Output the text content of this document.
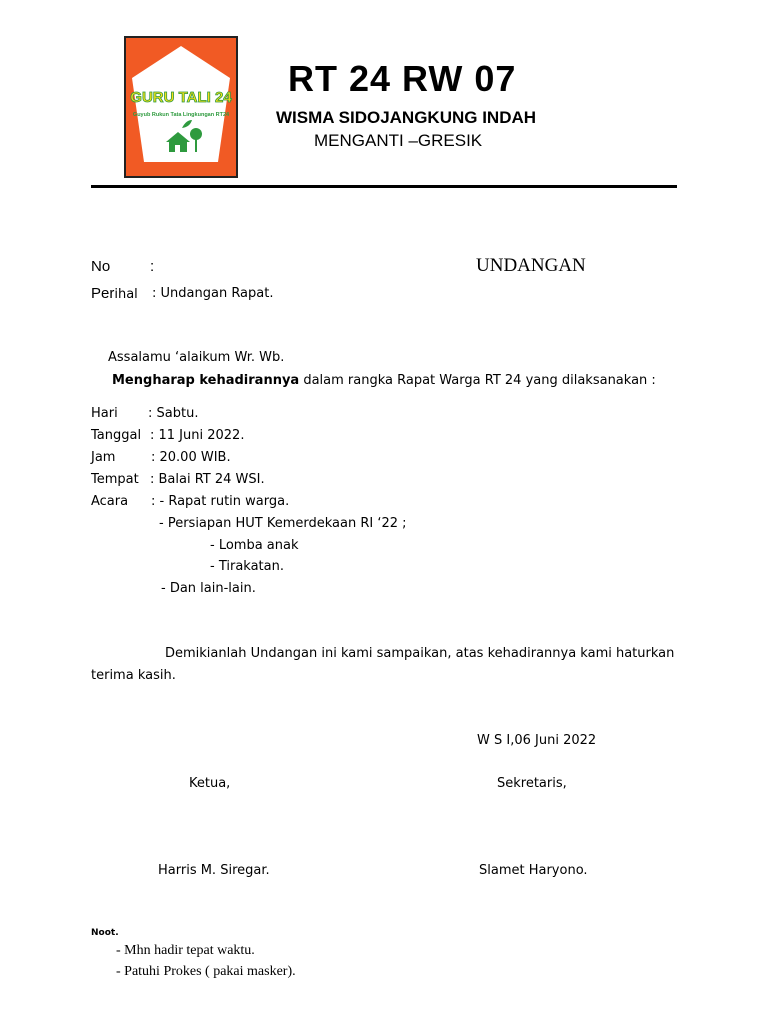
GURU TALI 24
Guyub Rukun Tata Lingkungan RT24
RT 24 RW 07
WISMA SIDOJANGKUNG INDAH
MENGANTI –GRESIK
No	:	UNDANGAN
Perihal : Undangan Rapat.
Assalamu ‘alaikum Wr. Wb.
Mengharap kehadirannya dalam rangka Rapat Warga RT 24 yang dilaksanakan :
Hari : Sabtu.
Tanggal : 11 Juni 2022.
Jam	: 20.00 WIB.
Tempat : Balai RT 24 WSI.
Acara : - Rapat rutin warga.
- Persiapan HUT Kemerdekaan RI ‘22 ;
- Lomba anak
- Tirakatan.
- Dan lain-lain.
Demikianlah Undangan ini kami sampaikan, atas kehadirannya kami haturkan
terima kasih.
W S I,06 Juni 2022
Ketua,	Sekretaris,
Harris M. Siregar.	Slamet Haryono.
Noot.
- Mhn hadir tepat waktu.
- Patuhi Prokes ( pakai masker).
